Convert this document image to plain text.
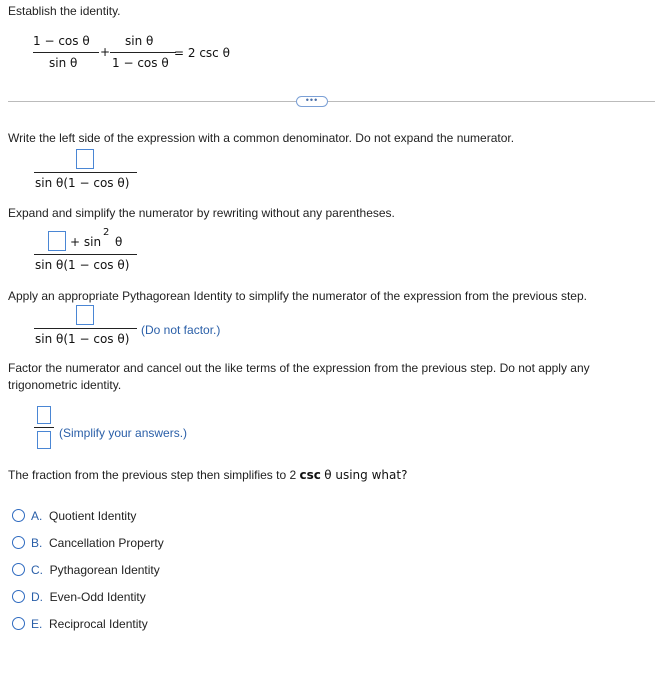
Establish the identity.
1 − cos θ
sin θ
+
sin θ
1 − cos θ
= 2 csc θ
•••
Write the left side of the expression with a common denominator. Do not expand the numerator.
sin θ(1 − cos θ)
Expand and simplify the numerator by rewriting without any parentheses.
+ sin
2
θ
sin θ(1 − cos θ)
Apply an appropriate Pythagorean Identity to simplify the numerator of the expression from the previous step.
sin θ(1 − cos θ)
(Do not factor.)
Factor the numerator and cancel out the like terms of the expression from the previous step. Do not apply any
trigonometric identity.
(Simplify your answers.)
The fraction from the previous step then simplifies to 2 csc θ using what?
A. Quotient Identity
B. Cancellation Property
C. Pythagorean Identity
D. Even-Odd Identity
E. Reciprocal Identity
